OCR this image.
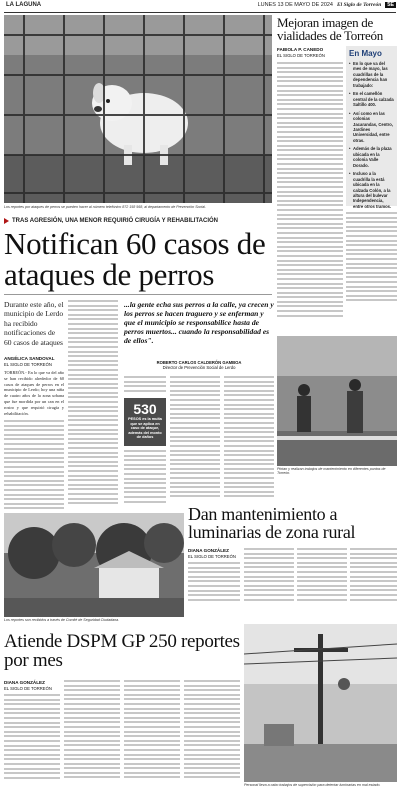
LA LAGUNA	LUNES 13 DE MAYO DE 2024 El Siglo de Torreón	5E
Los reportes por ataques de perros se pueden hacer al número telefónico 872 158 568, al departamento de Prevención Social.
Mejoran imagen de vialidades de Torreón
FABIOLA P. CANEDO
EL SIGLO DE TORREÓN	En Mayo
• En lo que va del mes de mayo, las cuadrillas de la dependencia han trabajado:
• En el camellón central de la calzada Saltillo 400.
• Así como en las colonias Jacarandas, Centro, Jardines Universidad, entre otras.
• Además de la plaza ubicada en la colonia Valle Dorado.
• Incluso a la cuadrilla la está ubicada en la calzada Colón, a la altura del bulevar Independencia, entre otros tramos.
Pintan y realizan trabajos de mantenimiento en diferentes puntos de Torreón.
TRAS AGRESIÓN, UNA MENOR REQUIRIÓ CIRUGÍA Y REHABILITACIÓN
Notifican 60 casos de ataques de perros
Durante este año, el municipio de Lerdo ha recibido notificaciones de 60 casos de ataques
ANGÉLICA SANDOVAL
EL SIGLO DE TORREÓN
TORREÓN.- En lo que va del año se han recibido alrededor de 60 casos de ataques de perros en el municipio de Lerdo; hoy una niña de cuatro años de la zona urbana que fue mordida por un can en el rostro y que requirió cirugía y rehabilitación.
...la gente echa sus perros a la calle, ya crecen y los perros se hacen traguero y se enferman y que el municipio se responsabilice hasta de perros muertos... cuando la responsabilidad es de ellos".
ROBERTO CARLOS CALDERÓN GAMBOA
Director de Prevención Social de Lerdo
530
PESOS es la multa que se aplica en caso de ataque, además del monto de daños
Los reportes son recibidos a través de Comité de Seguridad Ciudadana.
Dan mantenimiento a luminarias de zona rural
DIANA GONZÁLEZ
EL SIGLO DE TORREÓN
Personal lleva a cabo trabajos de supervisión para detectar luminarias en mal estado.
Atiende DSPM GP 250 reportes por mes
DIANA GONZÁLEZ
EL SIGLO DE TORREÓN
